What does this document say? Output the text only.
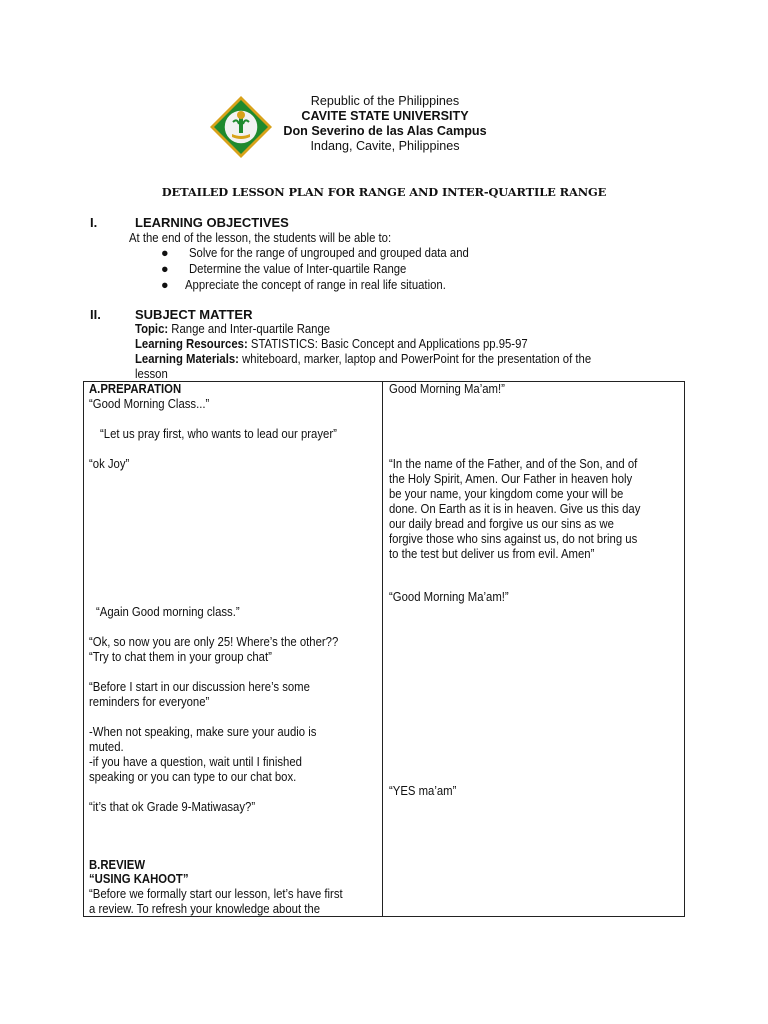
Republic of the Philippines
CAVITE STATE UNIVERSITY
Don Severino de las Alas Campus
Indang, Cavite, Philippines
DETAILED LESSON PLAN FOR RANGE AND INTER-QUARTILE RANGE
I.	LEARNING OBJECTIVES
At the end of the lesson, the students will be able to:
● Solve for the range of ungrouped and grouped data and
● Determine the value of Inter-quartile Range
● Appreciate the concept of range in real life situation.
II.	SUBJECT MATTER
Topic: Range and Inter-quartile Range
Learning Resources: STATISTICS: Basic Concept and Applications pp.95-97
Learning Materials: whiteboard, marker, laptop and PowerPoint for the presentation of the
lesson
A.PREPARATION
“Good Morning Class...”
“Let us pray first, who wants to lead our prayer”
“ok Joy”
“Again Good morning class.”
“Ok, so now you are only 25! Where’s the other??
“Try to chat them in your group chat”
“Before I start in our discussion here’s some
reminders for everyone”
-When not speaking, make sure your audio is
muted.
-if you have a question, wait until I finished
speaking or you can type to our chat box.
“it’s that ok Grade 9-Matiwasay?”
B.REVIEW
“USING KAHOOT”
“Before we formally start our lesson, let’s have first
a review. To refresh your knowledge about the
Good Morning Ma’am!”
“In the name of the Father, and of the Son, and of
the Holy Spirit, Amen. Our Father in heaven holy
be your name, your kingdom come your will be
done. On Earth as it is in heaven. Give us this day
our daily bread and forgive us our sins as we
forgive those who sins against us, do not bring us
to the test but deliver us from evil. Amen”
“Good Morning Ma’am!”
“YES ma’am”
